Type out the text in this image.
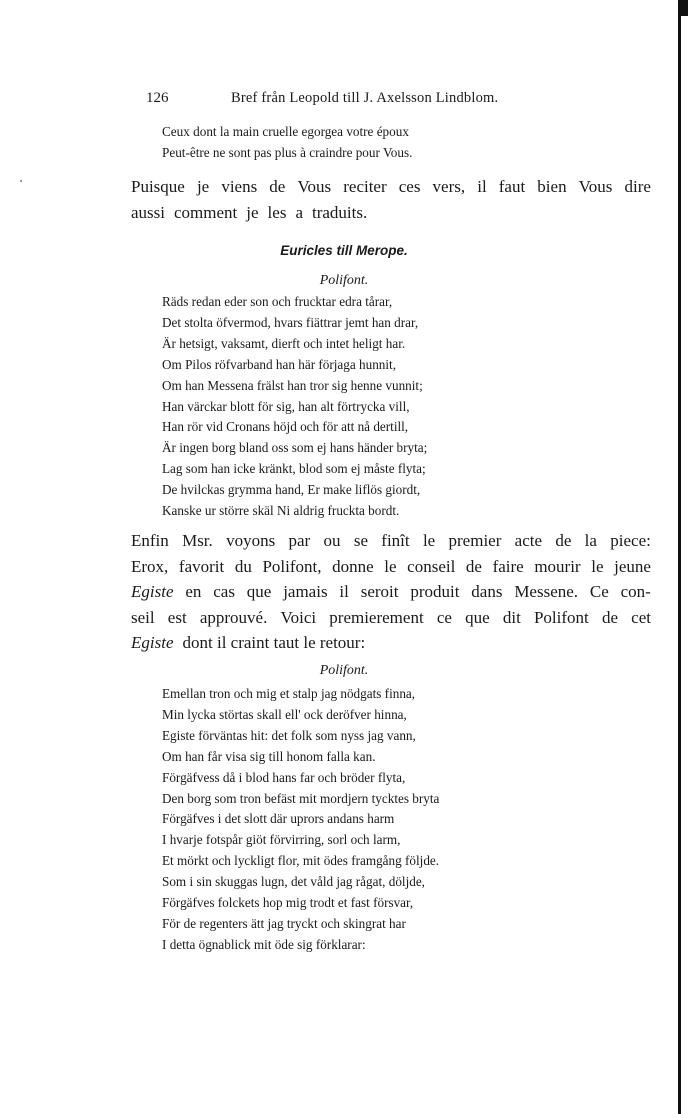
126	Bref från Leopold till J. Axelsson Lindblom.
Ceux dont la main cruelle egorgea votre époux
Peut-être ne sont pas plus à craindre pour Vous.
Puisque je viens de Vous reciter ces vers, il faut bien Vous dire
aussi comment je les a traduits.
Euricles till Merope.
Polifont.
Räds redan eder son och frucktar edra tårar,
Det stolta öfvermod, hvars fiättrar jemt han drar,
Är hetsigt, vaksamt, dierft och intet heligt har.
Om Pilos röfvarband han här förjaga hunnit,
Om han Messena frälst han tror sig henne vunnit;
Han värckar blott för sig, han alt förtrycka vill,
Han rör vid Cronans höjd och för att nå dertill,
Är ingen borg bland oss som ej hans händer bryta;
Lag som han icke kränkt, blod som ej måste flyta;
De hvilckas grymma hand, Er make liflös giordt,
Kanske ur större skäl Ni aldrig fruckta bordt.
Enfin Msr. voyons par ou se finît le premier acte de la piece:
Erox, favorit du Polifont, donne le conseil de faire mourir le jeune
Egiste en cas que jamais il seroit produit dans Messene. Ce con-
seil est approuvé. Voici premierement ce que dit Polifont de cet
Egiste dont il craint taut le retour:
Polifont.
Emellan tron och mig et stalp jag nödgats finna,
Min lycka störtas skall ell' ock deröfver hinna,
Egiste förväntas hit: det folk som nyss jag vann,
Om han får visa sig till honom falla kan.
Förgäfvess då i blod hans far och bröder flyta,
Den borg som tron befäst mit mordjern tycktes bryta
Förgäfves i det slott där uprors andans harm
I hvarje fotspår giöt förvirring, sorl och larm,
Et mörkt och lyckligt flor, mit ödes framgång följde.
Som i sin skuggas lugn, det våld jag rågat, döljde,
Förgäfves folckets hop mig trodt et fast försvar,
För de regenters ätt jag tryckt och skingrat har
I detta ögnablick mit öde sig förklarar:
